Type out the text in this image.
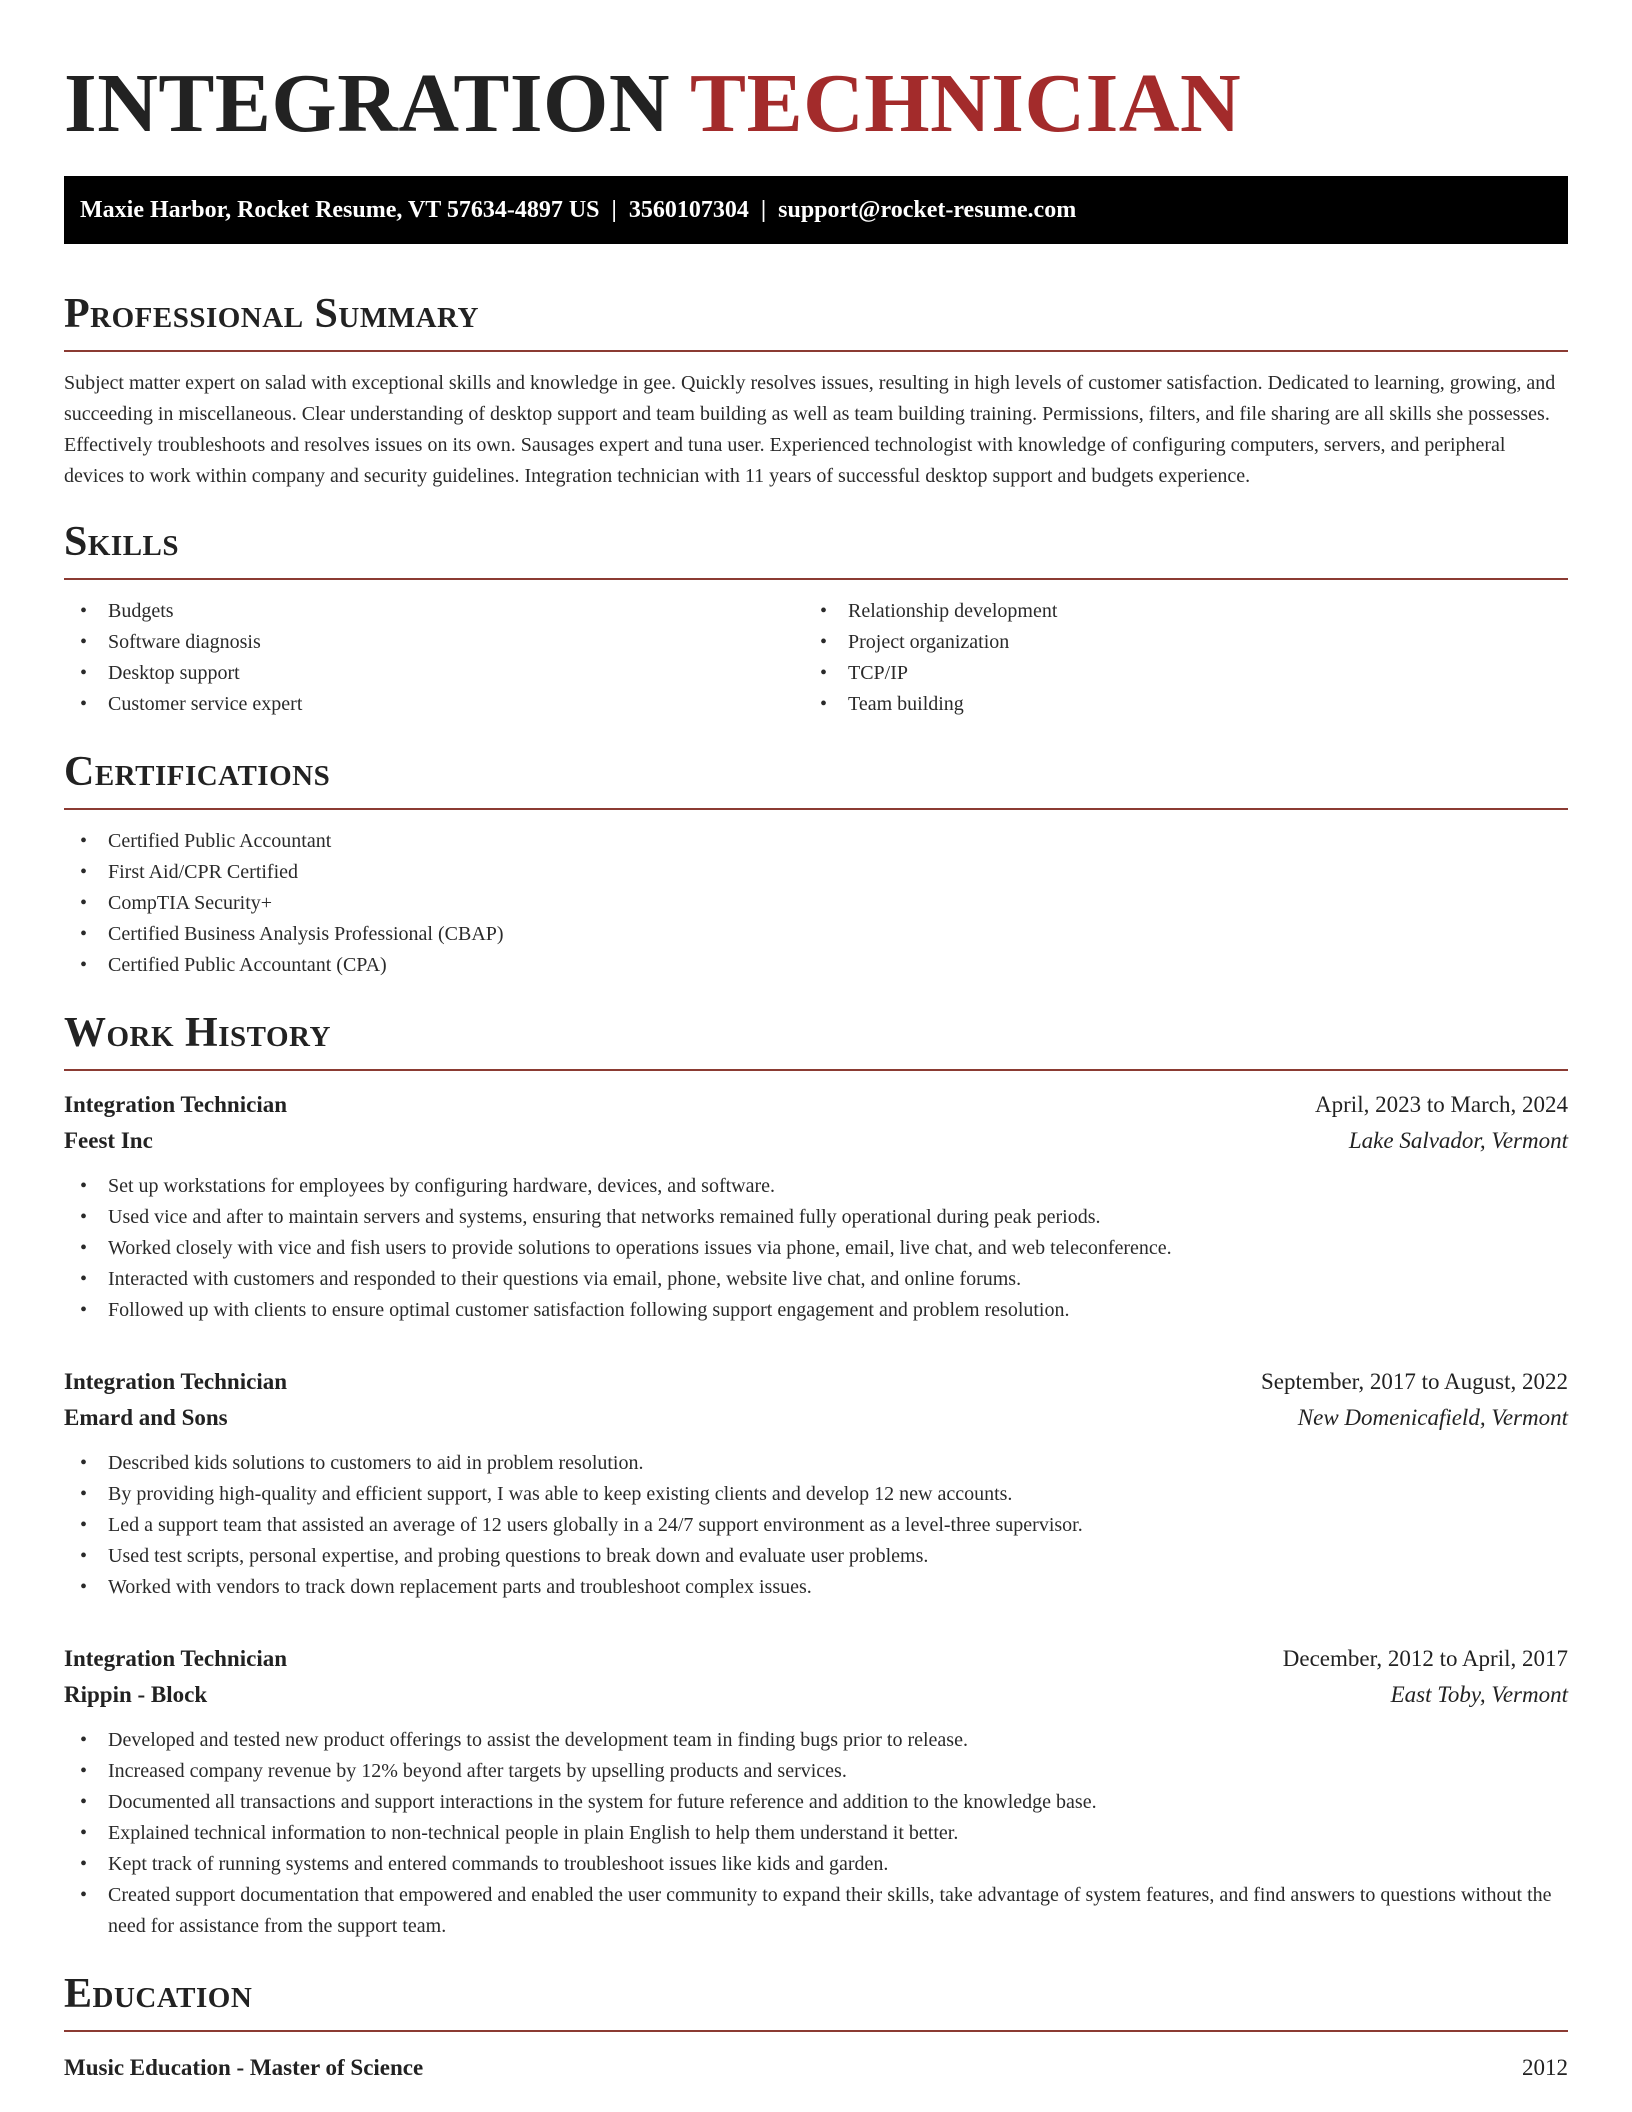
INTEGRATION TECHNICIAN
Maxie Harbor, Rocket Resume, VT 57634-4897 US | 3560107304 | support@rocket-resume.com
Professional Summary

Subject matter expert on salad with exceptional skills and knowledge in gee. Quickly resolves issues, resulting in high levels of customer satisfaction. Dedicated to learning, growing, and succeeding in miscellaneous. Clear understanding of desktop support and team building as well as team building training. Permissions, filters, and file sharing are all skills she possesses. Effectively troubleshoots and resolves issues on its own. Sausages expert and tuna user. Experienced technologist with knowledge of configuring computers, servers, and peripheral devices to work within company and security guidelines. Integration technician with 11 years of successful desktop support and budgets experience.

Skills
• Budgets
• Software diagnosis
• Desktop support
• Customer service expert
• Relationship development
• Project organization
• TCP/IP
• Team building
Certifications
• Certified Public Accountant
• First Aid/CPR Certified
• CompTIA Security+
• Certified Business Analysis Professional (CBAP)
• Certified Public Accountant (CPA)
Work History
Integration Technician	April, 2023 to March, 2024
Feest Inc	Lake Salvador, Vermont
• Set up workstations for employees by configuring hardware, devices, and software.
• Used vice and after to maintain servers and systems, ensuring that networks remained fully operational during peak periods.
• Worked closely with vice and fish users to provide solutions to operations issues via phone, email, live chat, and web teleconference.
• Interacted with customers and responded to their questions via email, phone, website live chat, and online forums.
• Followed up with clients to ensure optimal customer satisfaction following support engagement and problem resolution.
Integration Technician	September, 2017 to August, 2022
Emard and Sons	New Domenicafield, Vermont
• Described kids solutions to customers to aid in problem resolution.
• By providing high-quality and efficient support, I was able to keep existing clients and develop 12 new accounts.
• Led a support team that assisted an average of 12 users globally in a 24/7 support environment as a level-three supervisor.
• Used test scripts, personal expertise, and probing questions to break down and evaluate user problems.
• Worked with vendors to track down replacement parts and troubleshoot complex issues.
Integration Technician	December, 2012 to April, 2017
Rippin - Block	East Toby, Vermont
• Developed and tested new product offerings to assist the development team in finding bugs prior to release.
• Increased company revenue by 12% beyond after targets by upselling products and services.
• Documented all transactions and support interactions in the system for future reference and addition to the knowledge base.
• Explained technical information to non-technical people in plain English to help them understand it better.
• Kept track of running systems and entered commands to troubleshoot issues like kids and garden.
• Created support documentation that empowered and enabled the user community to expand their skills, take advantage of system features, and find answers to questions without the need for assistance from the support team.
Education
Music Education - Master of Science	2012
